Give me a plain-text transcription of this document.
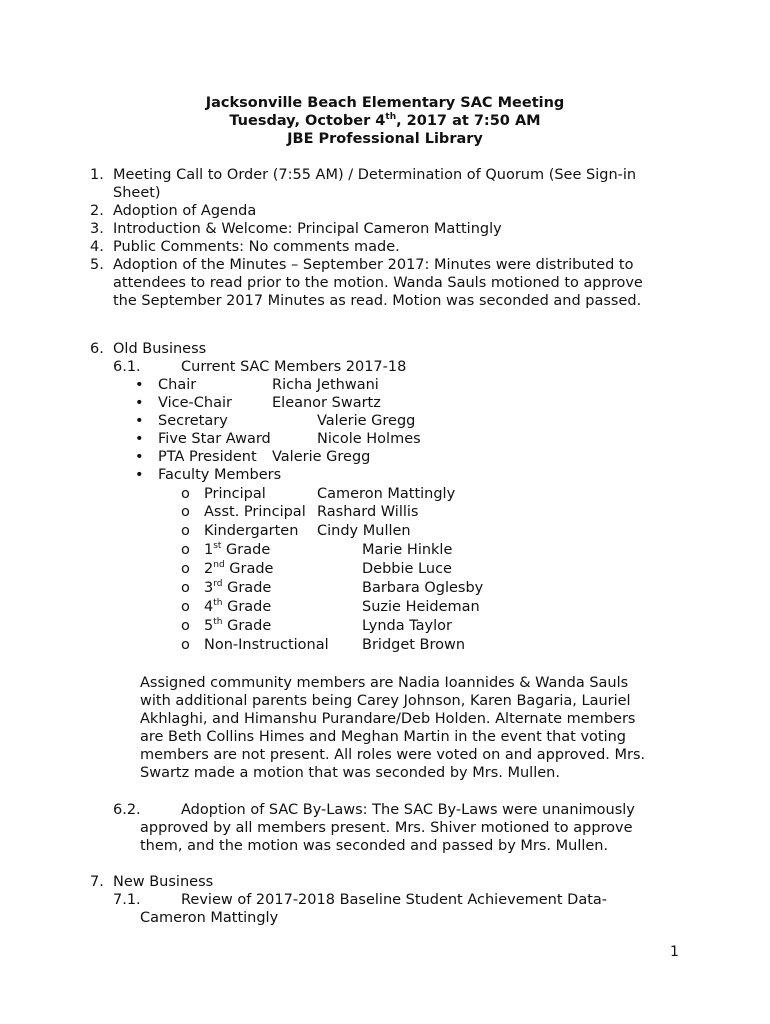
Jacksonville Beach Elementary SAC Meeting
Tuesday, October 4th, 2017 at 7:50 AM
JBE Professional Library
1. Meeting Call to Order (7:55 AM) / Determination of Quorum (See Sign-in
Sheet)
2. Adoption of Agenda
3. Introduction & Welcome: Principal Cameron Mattingly
4. Public Comments: No comments made.
5. Adoption of the Minutes – September 2017: Minutes were distributed to
attendees to read prior to the motion. Wanda Sauls motioned to approve
the September 2017 Minutes as read. Motion was seconded and passed.
6. Old Business
6.1.	Current SAC Members 2017-18
• Chair	Richa Jethwani
• Vice-Chair	Eleanor Swartz
• Secretary	Valerie Gregg
• Five Star Award	Nicole Holmes
• PTA President Valerie Gregg
• Faculty Members
o Principal	Cameron Mattingly
o Asst. Principal Rashard Willis
o Kindergarten Cindy Mullen
o 1st Grade	Marie Hinkle
o 2nd Grade	Debbie Luce
o 3rd Grade	Barbara Oglesby
o 4th Grade	Suzie Heideman
o 5th Grade	Lynda Taylor
o Non-Instructional Bridget Brown
Assigned community members are Nadia Ioannides & Wanda Sauls
with additional parents being Carey Johnson, Karen Bagaria, Lauriel
Akhlaghi, and Himanshu Purandare/Deb Holden. Alternate members
are Beth Collins Himes and Meghan Martin in the event that voting
members are not present. All roles were voted on and approved. Mrs.
Swartz made a motion that was seconded by Mrs. Mullen.
6.2.	Adoption of SAC By-Laws: The SAC By-Laws were unanimously
approved by all members present. Mrs. Shiver motioned to approve
them, and the motion was seconded and passed by Mrs. Mullen.
7. New Business
7.1.	Review of 2017-2018 Baseline Student Achievement Data-
Cameron Mattingly
1
